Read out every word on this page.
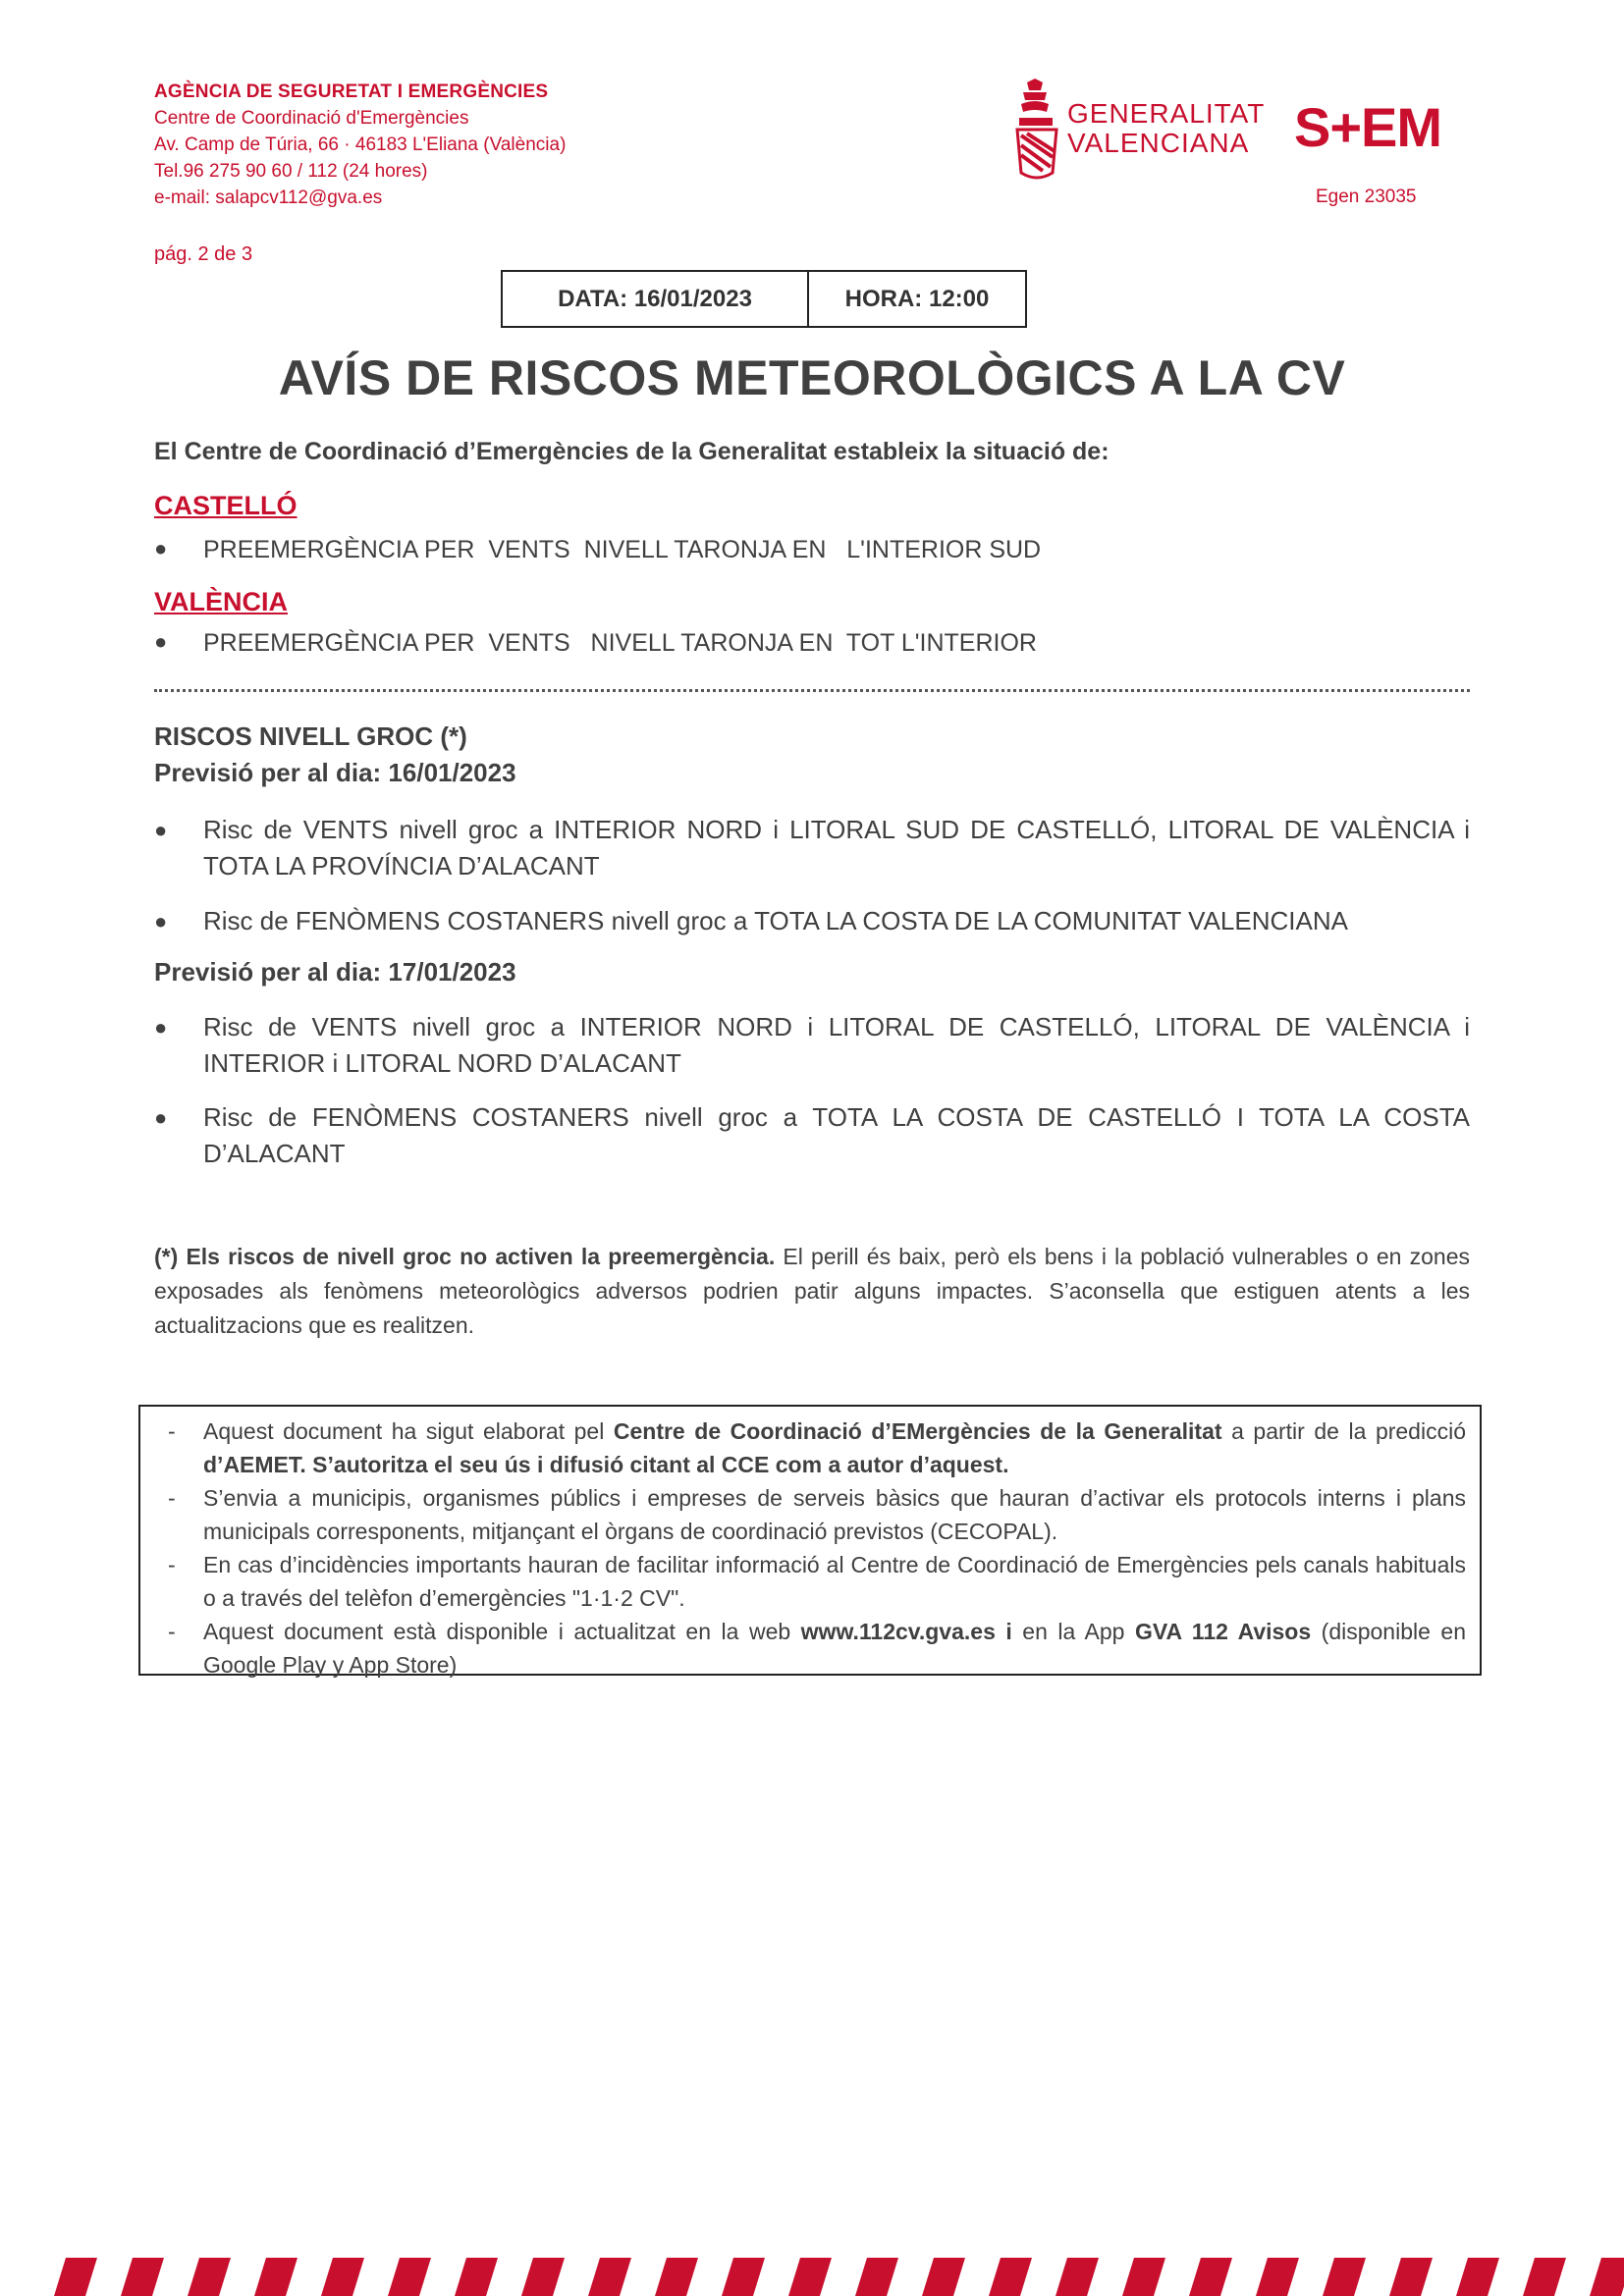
AGÈNCIA DE SEGURETAT I EMERGÈNCIES
Centre de Coordinació d'Emergències
Av. Camp de Túria, 66 · 46183 L'Eliana (València)
Tel.96 275 90 60 / 112 (24 hores)
e-mail: salapcv112@gva.es
pág. 2 de 3
GENERALITAT
VALENCIANA S+EM
Egen 23035
DATA: 16/01/2023	HORA: 12:00
AVÍS DE RISCOS METEOROLÒGICS A LA CV
El Centre de Coordinació d’Emergències de la Generalitat estableix la situació de:
CASTELLÓ
● PREEMERGÈNCIA PER  VENTS  NIVELL TARONJA EN   L'INTERIOR SUD
VALÈNCIA
● PREEMERGÈNCIA PER  VENTS   NIVELL TARONJA EN  TOT L'INTERIOR
RISCOS NIVELL GROC (*)
Previsió per al dia: 16/01/2023
● Risc de VENTS nivell groc a INTERIOR NORD i LITORAL SUD DE CASTELLÓ, LITORAL DE VALÈNCIA i TOTA LA PROVÍNCIA D’ALACANT
● Risc de FENÒMENS COSTANERS nivell groc a TOTA LA COSTA DE LA COMUNITAT VALENCIANA
Previsió per al dia: 17/01/2023
● Risc de VENTS nivell groc a INTERIOR NORD i LITORAL DE CASTELLÓ, LITORAL DE VALÈNCIA i INTERIOR i LITORAL NORD D’ALACANT
● Risc de FENÒMENS COSTANERS nivell groc a TOTA LA COSTA DE CASTELLÓ I TOTA LA COSTA D’ALACANT
(*) Els riscos de nivell groc no activen la preemergència. El perill és baix, però els bens i la població vulnerables o en zones exposades als fenòmens meteorològics adversos podrien patir alguns impactes. S’aconsella que estiguen atents a les actualitzacions que es realitzen.
- Aquest document ha sigut elaborat pel Centre de Coordinació d’EMergències de la Generalitat a partir de la predicció d’AEMET. S’autoritza el seu ús i difusió citant al CCE com a autor d’aquest.
- S’envia a municipis, organismes públics i empreses de serveis bàsics que hauran d’activar els protocols interns i plans municipals corresponents, mitjançant el òrgans de coordinació previstos (CECOPAL).
- En cas d’incidències importants hauran de facilitar informació al Centre de Coordinació de Emergències pels canals habituals o a través del telèfon d’emergències "1·1·2 CV".
- Aquest document està disponible i actualitzat en la web www.112cv.gva.es i en la App GVA 112 Avisos (disponible en Google Play y App Store)
